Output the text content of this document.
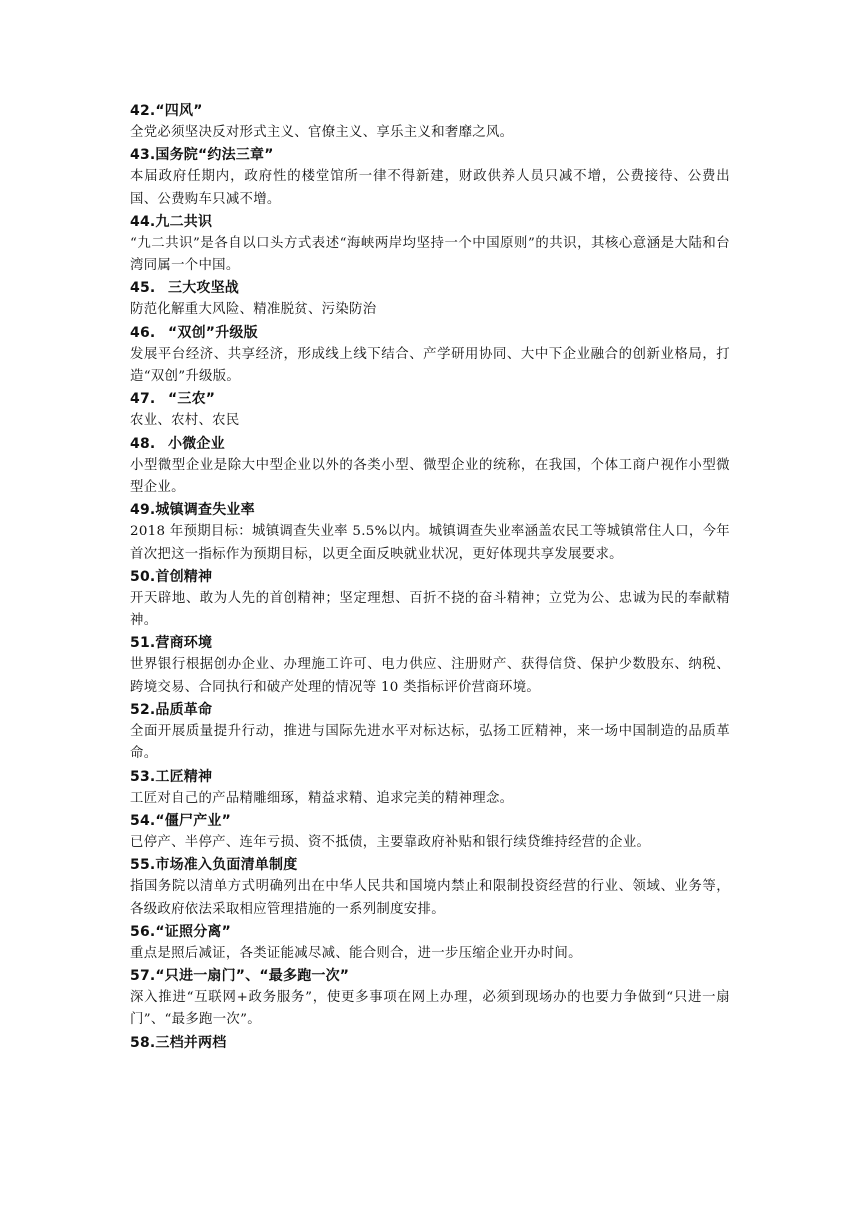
42.“四风”
全党必须坚决反对形式主义、官僚主义、享乐主义和奢靡之风。
43.国务院“约法三章”
本届政府任期内，政府性的楼堂馆所一律不得新建，财政供养人员只减不增，公费接待、公费出国、公费购车只减不增。
44.九二共识
“九二共识”是各自以口头方式表述“海峡两岸均坚持一个中国原则”的共识，其核心意涵是大陆和台湾同属一个中国。
45. 三大攻坚战
防范化解重大风险、精准脱贫、污染防治
46. “双创”升级版
发展平台经济、共享经济，形成线上线下结合、产学研用协同、大中下企业融合的创新业格局，打造“双创”升级版。
47. “三农”
农业、农村、农民
48. 小微企业
小型微型企业是除大中型企业以外的各类小型、微型企业的统称，在我国，个体工商户视作小型微型企业。
49.城镇调查失业率
2018 年预期目标：城镇调查失业率 5.5%以内。城镇调查失业率涵盖农民工等城镇常住人口，今年首次把这一指标作为预期目标，以更全面反映就业状况，更好体现共享发展要求。
50.首创精神
开天辟地、敢为人先的首创精神；坚定理想、百折不挠的奋斗精神；立党为公、忠诚为民的奉献精神。
51.营商环境
世界银行根据创办企业、办理施工许可、电力供应、注册财产、获得信贷、保护少数股东、纳税、跨境交易、合同执行和破产处理的情况等 10 类指标评价营商环境。
52.品质革命
全面开展质量提升行动，推进与国际先进水平对标达标，弘扬工匠精神，来一场中国制造的品质革命。
53.工匠精神
工匠对自己的产品精雕细琢，精益求精、追求完美的精神理念。
54.“僵尸产业”
已停产、半停产、连年亏损、资不抵债，主要靠政府补贴和银行续贷维持经营的企业。
55.市场准入负面清单制度
指国务院以清单方式明确列出在中华人民共和国境内禁止和限制投资经营的行业、领域、业务等，各级政府依法采取相应管理措施的一系列制度安排。
56.“证照分离”
重点是照后减证，各类证能减尽减、能合则合，进一步压缩企业开办时间。
57.“只进一扇门”、“最多跑一次”
深入推进“互联网+政务服务”，使更多事项在网上办理，必须到现场办的也要力争做到“只进一扇门”、“最多跑一次”。
58.三档并两档
